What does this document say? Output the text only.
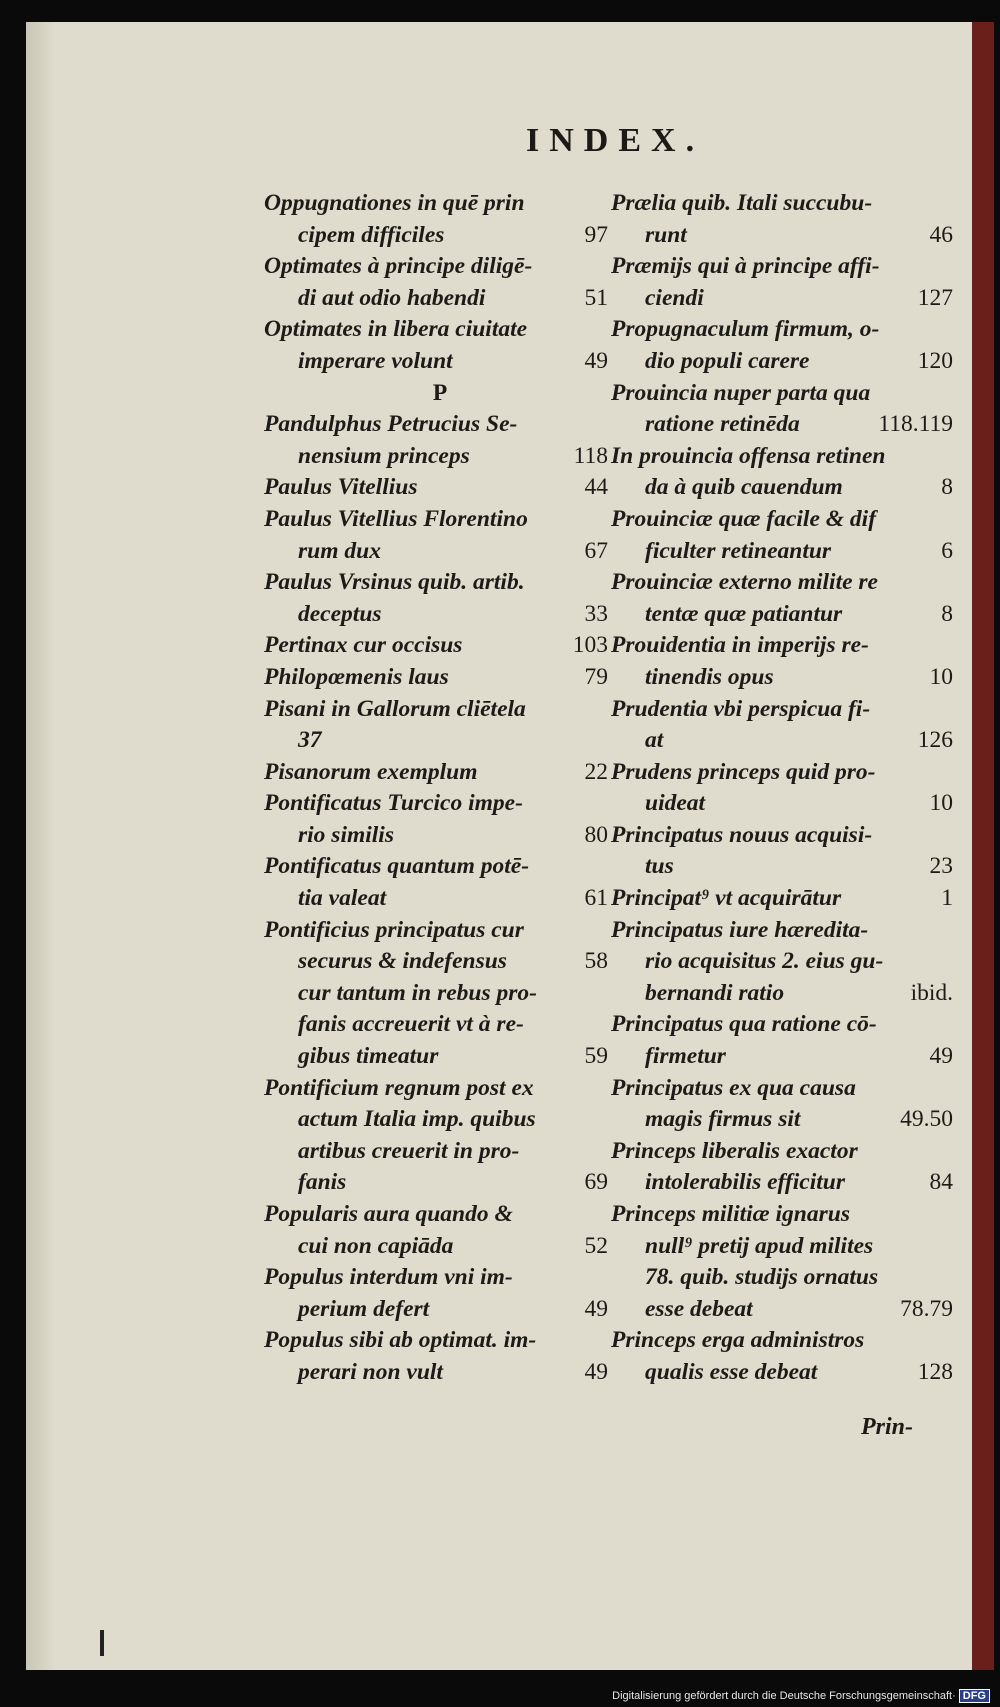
INDEX.
Oppugnationes in quē prin
cipem difficiles	97
Optimates à principe diligē-
di aut odio habendi	51
Optimates in libera ciuitate
imperare volunt	49
P
Pandulphus Petrucius Se-
nensium princeps	118
Paulus Vitellius	44
Paulus Vitellius Florentino
rum dux	67
Paulus Vrsinus quib. artib.
deceptus	33
Pertinax cur occisus	103
Philopœmenis laus	79
Pisani in Gallorum cliētela
37
Pisanorum exemplum	22
Pontificatus Turcico impe-
rio similis	80
Pontificatus quantum potē-
tia valeat	61
Pontificius principatus cur
securus & indefensus	58
cur tantum in rebus pro-
fanis accreuerit vt à re-
gibus timeatur	59
Pontificium regnum post ex
actum Italia imp. quibus
artibus creuerit in pro-
fanis	69
Popularis aura quando &
cui non capiāda	52
Populus interdum vni im-
perium defert	49
Populus sibi ab optimat. im-
perari non vult	49
Prælia quib. Itali succubu-
runt	46
Præmijs qui à principe affi-
ciendi	127
Propugnaculum firmum, o-
dio populi carere	120
Prouincia nuper parta qua
ratione retinēda	118.119
In prouincia offensa retinen
da à quib cauendum	8
Prouinciæ quæ facile & dif
ficulter retineantur	6
Prouinciæ externo milite re
tentæ quæ patiantur	8
Prouidentia in imperijs re-
tinendis opus	10
Prudentia vbi perspicua fi-
at	126
Prudens princeps quid pro-
uideat	10
Principatus nouus acquisi-
tus	23
Principat⁹ vt acquirātur	1
Principatus iure hæredita-
rio acquisitus 2. eius gu-
bernandi ratio	ibid.
Principatus qua ratione cō-
firmetur	49
Principatus ex qua causa
magis firmus sit	49.50
Princeps liberalis exactor
intolerabilis efficitur	84
Princeps militiæ ignarus
null⁹ pretij apud milites
78. quib. studijs ornatus
esse debeat	78.79
Princeps erga administros
qualis esse debeat	128
Prin-
Digitalisierung gefördert durch die Deutsche Forschungsgemeinschaft· DFG
